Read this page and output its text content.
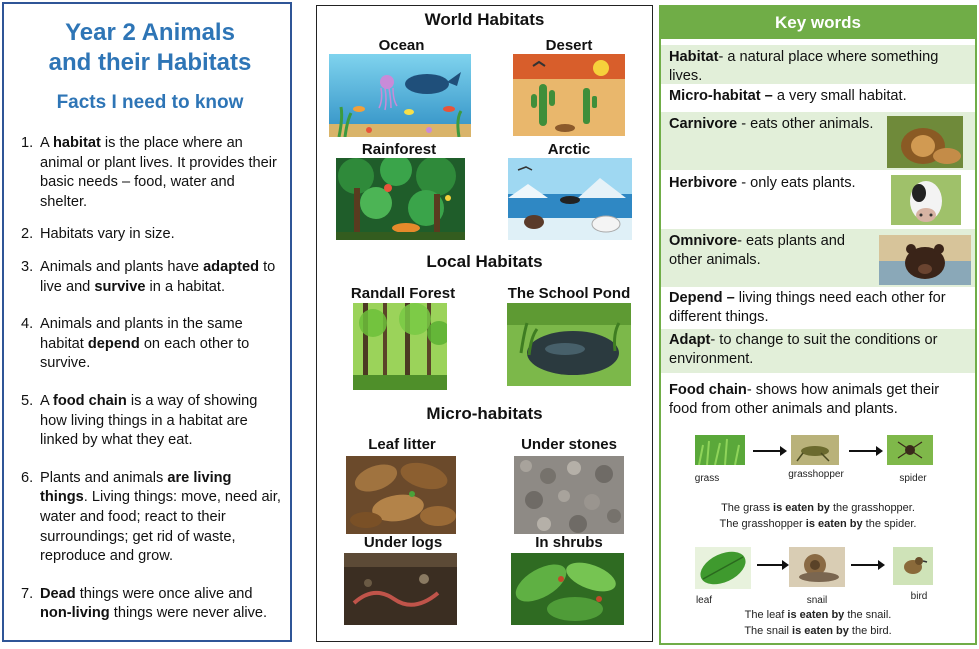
Year 2 Animals
and their Habitats
Facts I need to know
1. A habitat is the place where an animal or plant lives. It provides their basic needs – food, water and shelter.
2. Habitats vary in size.
3. Animals and plants have adapted to live and survive in a habitat.
4. Animals and plants in the same habitat depend on each other to survive.
5. A food chain is a way of showing how living things in a habitat are linked by what they eat.
6. Plants and animals are living things. Living things: move, need air, water and food; react to their surroundings; get rid of waste, reproduce and grow.
7. Dead things were once alive and non-living things were never alive.
World Habitats
Ocean	Desert
Rainforest	Arctic
Local Habitats
Randall Forest	The School Pond
Micro-habitats
Leaf litter	Under stones
Under logs	In shrubs
Key words
Habitat- a natural place where something lives.
Micro-habitat – a very small habitat.
Carnivore - eats other animals.
Herbivore - only eats plants.
Omnivore- eats plants and other animals.
Depend – living things need each other for different things.
Adapt- to change to suit the conditions or environment.
Food chain- shows how animals get their food from other animals and plants.
grass	grasshopper	spider
The grass is eaten by the grasshopper.
The grasshopper is eaten by the spider.
leaf	snail	bird
The leaf is eaten by the snail.
The snail is eaten by the bird.
